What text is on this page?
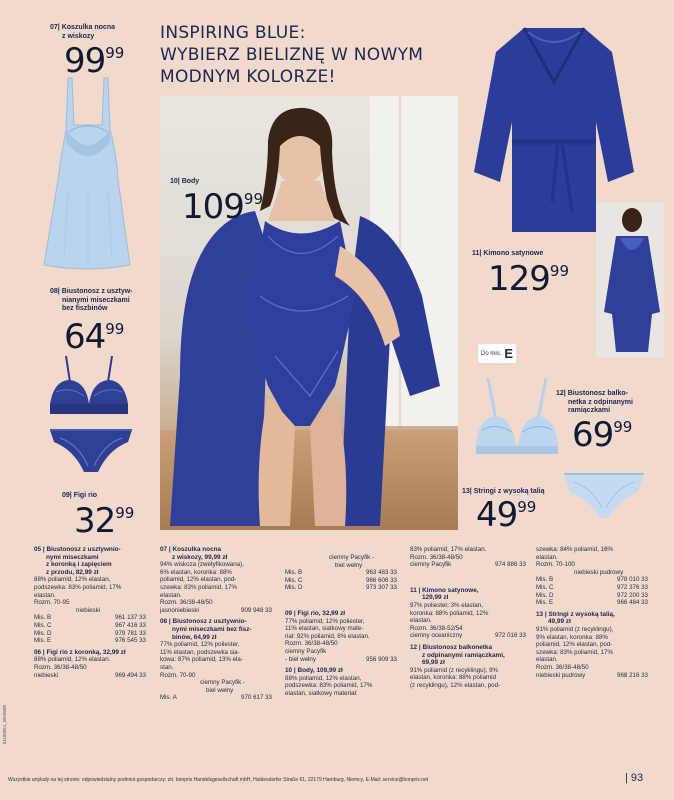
INSPIRING BLUE:
WYBIERZ BIELIZNĘ W NOWYM
MODNYM KOLORZE!
07| Koszulka nocna
z wiskozy
9999
08| Biustonosz z usztyw-
nianymi miseczkami
bez fiszbinów
6499
09| Figi rio
3299
10| Body
10999
11| Kimono satynowe
12999
Do mis. E
12| Biustonosz balko-
netka z odpinanymi
ramiączkami
6999
13| Stringi z wysoką talią
4999
05 | Biustonosz z usztywnio-
nymi miseczkami
z koronką i zapięciem
z przodu, 82,99 zł
88% poliamid, 12% elastan,
podszewka: 83% poliamid, 17%
elastan.
Rozm. 70-95
niebieski
Mis. B	961 137 33
Mis. C	967 416 33
Mis. D	979 781 33
Mis. E	976 545 33
06 | Figi rio z koronką, 32,99 zł
88% poliamid, 12% elastan.
Rozm. 36/38-48/50
niebieski	969 494 33
07 | Koszulka nocna
z wiskozy, 99,99 zł
94% wiskoza (zwetyfikowana),
6% elastan, koronka: 88%
poliamid, 12% elastan, pod-
szewka: 83% poliamid, 17%
elastan.
Rozm. 36/38-48/50
jasnoniebieski	909 948 33
08 | Biustonosz z usztywnio-
nymi miseczkami bez fisz-
binów, 64,99 zł
77% poliamid, 12% poliester,
11% elastan, podszewka sia-
kowa: 87% poliamid, 13% ela-
stan.
Rozm. 70-90
ciemny Pacyfik -
biel wełny
Mis. A	970 617 33
ciemny Pacyfik -
biel wełny
Mis. B	963 483 33
Mis. C	966 606 33
Mis. D	973 307 33
09 | Figi rio, 32,99 zł
77% poliamid, 12% poliester,
11% elastan, siatkowy mate-
riał: 92% poliamid, 8% elastan.
Rozm. 36/38-48/50
ciemny Pacyfik
- biel wełny	956 909 33
10 | Body, 109,99 zł
88% poliamid, 12% elastan,
podszewka: 83% poliamid, 17%
elastan, siatkowy materiał:
83% poliamid, 17% elastan.
Rozm. 36/38-48/50
ciemny Pacyfik	974 886 33
11 | Kimono satynowe,
129,99 zł
97% poliester, 3% elastan,
koronka: 88% poliamid, 12%
elastan.
Rozm. 36/38-52/54
ciemny oceaniczny	972 016 33
12 | Biustonosz balkonetka
z odpinanymi ramiączkami,
69,99 zł
91% poliamid (z recyklingu), 9%
elastan, koronka: 88% poliamid
(z recyklingu), 12% elastan, pod-
szewka: 84% poliamid, 16%
elastan.
Rozm. 70-100
niebieski pudrowy
Mis. B	978 010 33
Mis. C	972 376 33
Mis. D	972 200 33
Mis. E	966 484 33
13 | Stringi z wysoką talią,
49,99 zł
91% poliamid (z recyklingu),
9% elastan, koronka: 88%
poliamid, 12% elastan, pod-
szewka: 83% poliamid, 17%
elastan.
Rozm. 36/38-48/50
niebieski pudrowy	968 216 33
01188051_WA8000
Wszystkie artykuły na tej stronie: odpowiedzialny podmiot gospodarczy: ztr. bonprix Handelsgesellschaft mbH, Haldesdorfer Straße 61, 22179 Hamburg, Niemcy, E-Mail: service@bonprix.net	| 93
